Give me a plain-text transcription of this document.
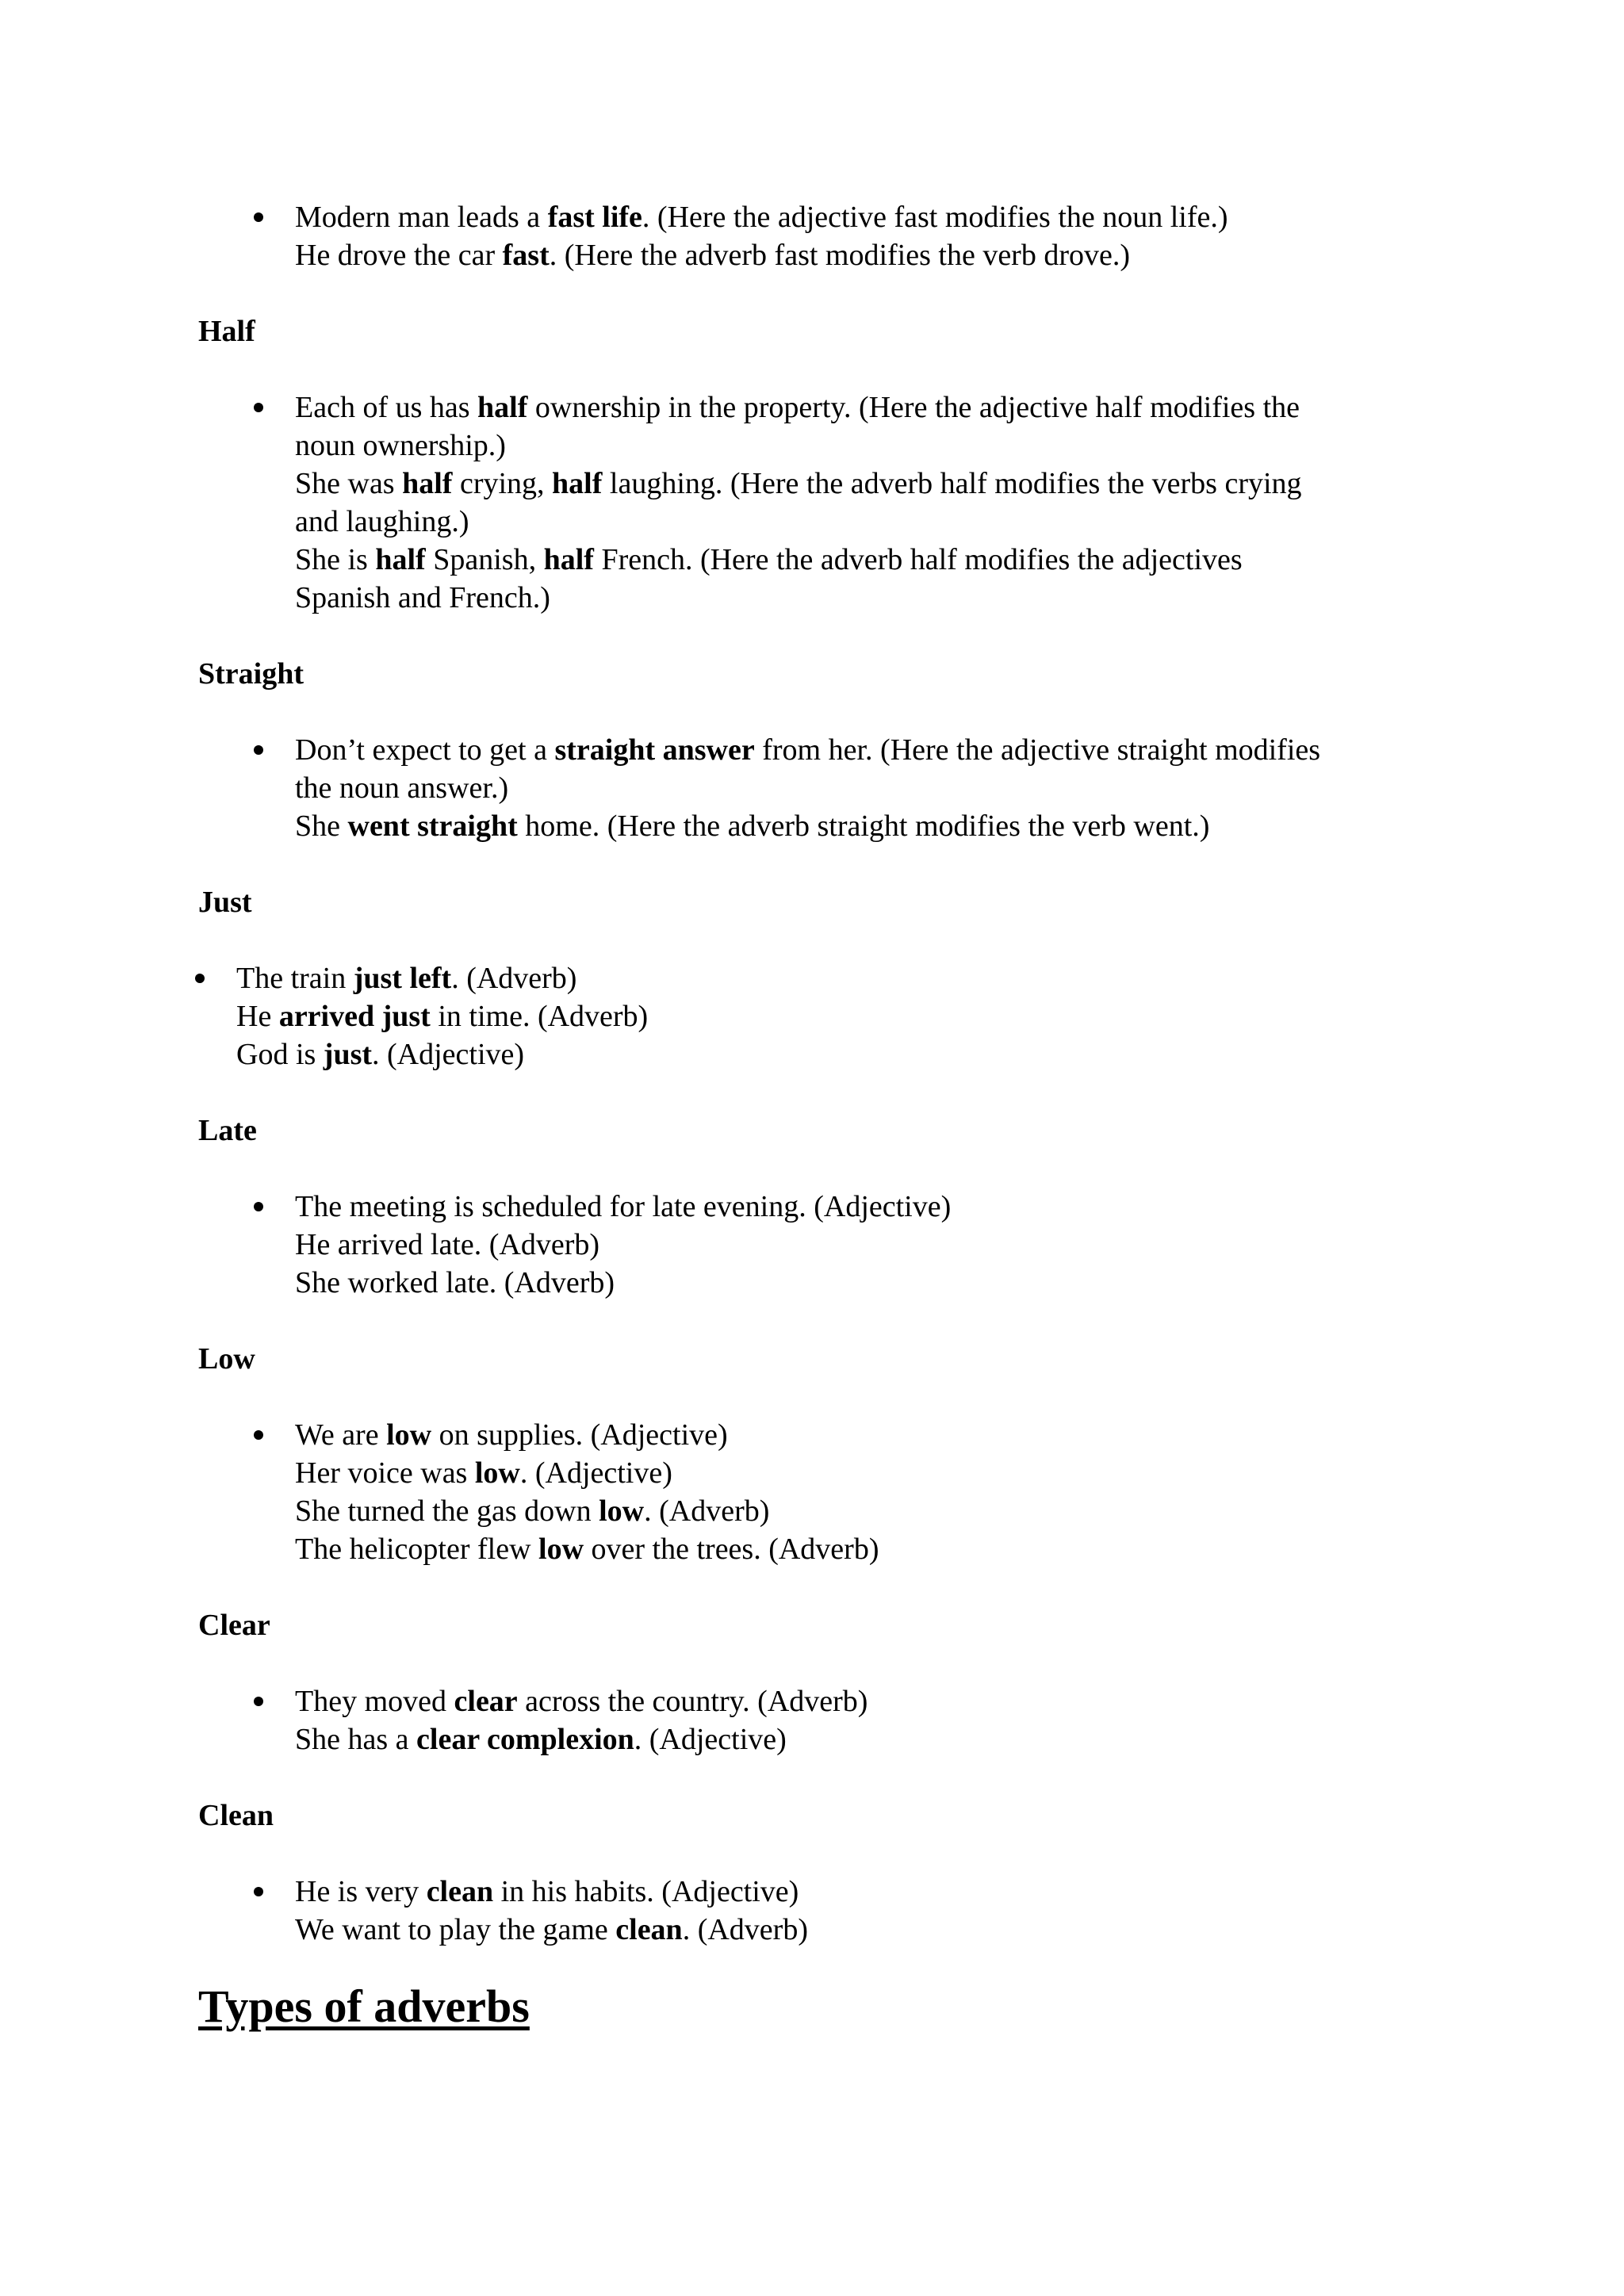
Modern man leads a fast life. (Here the adjective fast modifies the noun life.)
He drove the car fast. (Here the adverb fast modifies the verb drove.)
Half
Each of us has half ownership in the property. (Here the adjective half modifies the
noun ownership.)
She was half crying, half laughing. (Here the adverb half modifies the verbs crying
and laughing.)
She is half Spanish, half French. (Here the adverb half modifies the adjectives
Spanish and French.)
Straight
Don’t expect to get a straight answer from her. (Here the adjective straight modifies
the noun answer.)
She went straight home. (Here the adverb straight modifies the verb went.)
Just
The train just left. (Adverb)
He arrived just in time. (Adverb)
God is just. (Adjective)
Late
The meeting is scheduled for late evening. (Adjective)
He arrived late. (Adverb)
She worked late. (Adverb)
Low
We are low on supplies. (Adjective)
Her voice was low. (Adjective)
She turned the gas down low. (Adverb)
The helicopter flew low over the trees. (Adverb)
Clear
They moved clear across the country. (Adverb)
She has a clear complexion. (Adjective)
Clean
He is very clean in his habits. (Adjective)
We want to play the game clean. (Adverb)
Types of adverbs
